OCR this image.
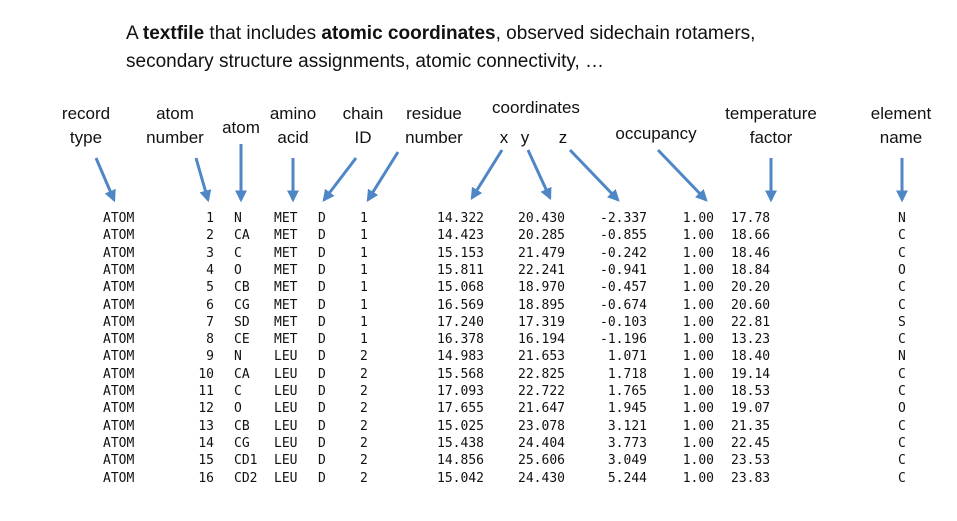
A textfile that includes atomic coordinates, observed sidechain rotamers,
secondary structure assignments, atomic connectivity, …
record
type
atom
number
atom
amino
acid
chain
ID
residue
number
coordinates
x y z	occupancy
temperature
factor
element
name
ATOM	1 N MET D	1	14.322	20.430	-2.337	1.00 17.78	N
ATOM	2 CA MET D	1	14.423	20.285	-0.855	1.00 18.66	C
ATOM	3 C MET D	1	15.153	21.479	-0.242	1.00 18.46	C
ATOM	4 O MET D	1	15.811	22.241	-0.941	1.00 18.84	O
ATOM	5 CB MET D	1	15.068	18.970	-0.457	1.00 20.20	C
ATOM	6 CG MET D	1	16.569	18.895	-0.674	1.00 20.60	C
ATOM	7 SD MET D	1	17.240	17.319	-0.103	1.00 22.81	S
ATOM	8 CE MET D	1	16.378	16.194	-1.196	1.00 13.23	C
ATOM	9 N LEU D	2	14.983	21.653	1.071	1.00 18.40	N
ATOM	10 CA LEU D	2	15.568	22.825	1.718	1.00 19.14	C
ATOM	11 C LEU D	2	17.093	22.722	1.765	1.00 18.53	C
ATOM	12 O LEU D	2	17.655	21.647	1.945	1.00 19.07	O
ATOM	13 CB LEU D	2	15.025	23.078	3.121	1.00 21.35	C
ATOM	14 CG LEU D	2	15.438	24.404	3.773	1.00 22.45	C
ATOM	15 CD1 LEU D	2	14.856	25.606	3.049	1.00 23.53	C
ATOM	16 CD2 LEU D	2	15.042	24.430	5.244	1.00 23.83	C
